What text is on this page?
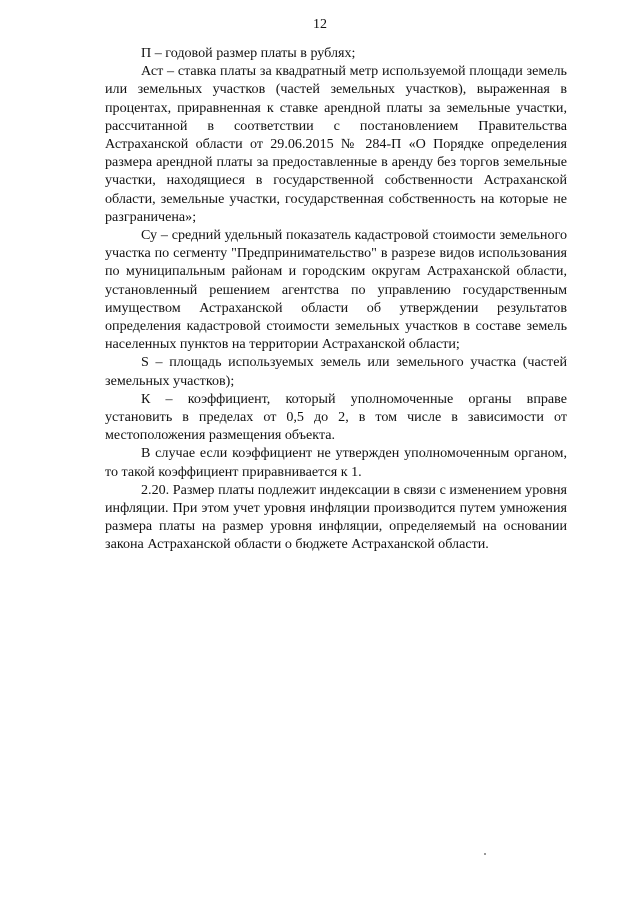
12

П – годовой размер платы в рублях;

Аст – ставка платы за квадратный метр используемой площади земель или земельных участков (частей земельных участков), выраженная в процентах, приравненная к ставке арендной платы за земельные участки, рассчитанной в соответствии с постановлением Правительства Астраханской области от 29.06.2015 № 284-П «О Порядке определения размера арендной платы за предоставленные в аренду без торгов земельные участки, находящиеся в государственной собственности Астраханской области, земельные участки, государственная собственность на которые не разграничена»;

Су – средний удельный показатель кадастровой стоимости земельного участка по сегменту "Предпринимательство" в разрезе видов использования по муниципальным районам и городским округам Астраханской области, установленный решением агентства по управлению государственным имуществом Астраханской области об утверждении результатов определения кадастровой стоимости земельных участков в составе земель населенных пунктов на территории Астраханской области;

S – площадь используемых земель или земельного участка (частей земельных участков);

К – коэффициент, который уполномоченные органы вправе установить в пределах от 0,5 до 2, в том числе в зависимости от местоположения размещения объекта.

В случае если коэффициент не утвержден уполномоченным органом, то такой коэффициент приравнивается к 1.

2.20. Размер платы подлежит индексации в связи с изменением уровня инфляции. При этом учет уровня инфляции производится путем умножения размера платы на размер уровня инфляции, определяемый на основании закона Астраханской области о бюджете Астраханской области.
